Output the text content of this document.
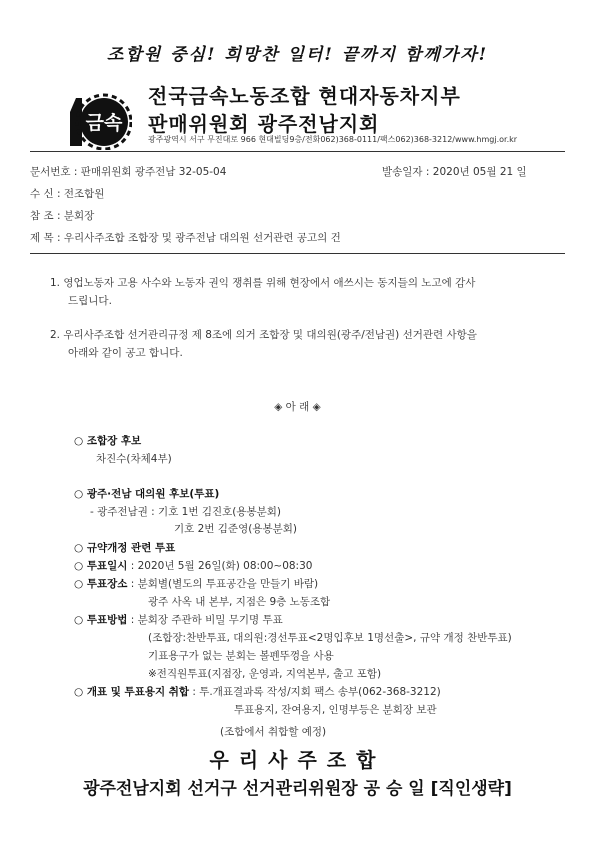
조합원 중심! 희망찬 일터! 끝까지 함께가자!
금속
전국금속노동조합 현대자동차지부
판매위원회 광주전남지회
광주광역시 서구 무진대로 966 현대빌딩9층/전화062)368-0111/팩스062)368-3212/www.hmgj.or.kr
문서번호 : 판매위원회 광주전남 32-05-04	발송일자 : 2020년 05월 21 일
수 신 : 전조합원
참 조 : 분회장
제 목 : 우리사주조합 조합장 및 광주전남 대의원 선거관련 공고의 건
1. 영업노동자 고용 사수와 노동자 권익 쟁취를 위해 현장에서 애쓰시는 동지들의 노고에 감사
드립니다.
2. 우리사주조합 선거관리규정 제 8조에 의거 조합장 및 대의원(광주/전남권) 선거관련 사항을
아래와 같이 공고 합니다.
◈ 아 래 ◈
○ 조합장 후보
차진수(차체4부)
○ 광주·전남 대의원 후보(투표)
- 광주전남권 : 기호 1번 김진호(용봉분회)
기호 2번 김준영(용봉분회)
○ 규약개정 관련 투표
○ 투표일시 : 2020년 5월 26일(화) 08:00~08:30
○ 투표장소 : 분회별(별도의 투표공간을 만들기 바람)
광주 사옥 내 본부, 지점은 9층 노동조합
○ 투표방법 : 분회장 주관하 비밀 무기명 투표
(조합장:찬반투표, 대의원:경선투표<2명입후보 1명선출>, 규약 개정 찬반투표)
기표용구가 없는 분회는 볼펜뚜껑을 사용
※전직원투표(지점장, 운영과, 지역본부, 출고 포함)
○ 개표 및 투표용지 취합 : 투.개표결과록 작성/지회 팩스 송부(062-368-3212)
투표용지, 잔여용지, 인명부등은 분회장 보관
(조합에서 취합할 예정)
우리사주조합
광주전남지회 선거구 선거관리위원장 공 승 일 [직인생략]
